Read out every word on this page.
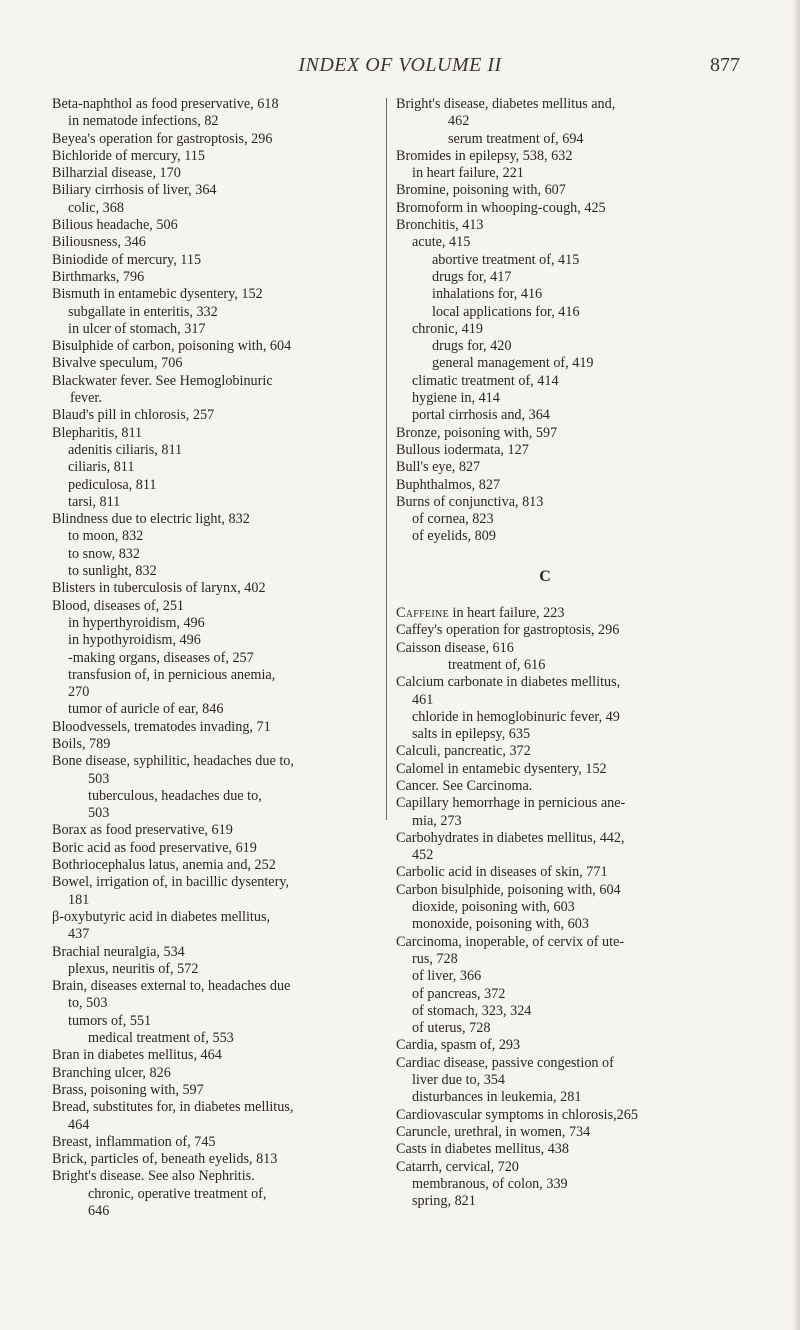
INDEX OF VOLUME II	877
Beta-naphthol as food preservative, 618
in nematode infections, 82
Beyea's operation for gastroptosis, 296
Bichloride of mercury, 115
Bilharzial disease, 170
Biliary cirrhosis of liver, 364
colic, 368
Bilious headache, 506
Biliousness, 346
Biniodide of mercury, 115
Birthmarks, 796
Bismuth in entamebic dysentery, 152
subgallate in enteritis, 332
in ulcer of stomach, 317
Bisulphide of carbon, poisoning with, 604
Bivalve speculum, 706
Blackwater fever. See Hemoglobinuric
fever.
Blaud's pill in chlorosis, 257
Blepharitis, 811
adenitis ciliaris, 811
ciliaris, 811
pediculosa, 811
tarsi, 811
Blindness due to electric light, 832
to moon, 832
to snow, 832
to sunlight, 832
Blisters in tuberculosis of larynx, 402
Blood, diseases of, 251
in hyperthyroidism, 496
in hypothyroidism, 496
-making organs, diseases of, 257
transfusion of, in pernicious anemia,
270
tumor of auricle of ear, 846
Bloodvessels, trematodes invading, 71
Boils, 789
Bone disease, syphilitic, headaches due to,
503
tuberculous, headaches due to,
503
Borax as food preservative, 619
Boric acid as food preservative, 619
Bothriocephalus latus, anemia and, 252
Bowel, irrigation of, in bacillic dysentery,
181
β-oxybutyric acid in diabetes mellitus,
437
Brachial neuralgia, 534
plexus, neuritis of, 572
Brain, diseases external to, headaches due
to, 503
tumors of, 551
medical treatment of, 553
Bran in diabetes mellitus, 464
Branching ulcer, 826
Brass, poisoning with, 597
Bread, substitutes for, in diabetes mellitus,
464
Breast, inflammation of, 745
Brick, particles of, beneath eyelids, 813
Bright's disease. See also Nephritis.
chronic, operative treatment of,
646
Bright's disease, diabetes mellitus and,
462
serum treatment of, 694
Bromides in epilepsy, 538, 632
in heart failure, 221
Bromine, poisoning with, 607
Bromoform in whooping-cough, 425
Bronchitis, 413
acute, 415
abortive treatment of, 415
drugs for, 417
inhalations for, 416
local applications for, 416
chronic, 419
drugs for, 420
general management of, 419
climatic treatment of, 414
hygiene in, 414
portal cirrhosis and, 364
Bronze, poisoning with, 597
Bullous iodermata, 127
Bull's eye, 827
Buphthalmos, 827
Burns of conjunctiva, 813
of cornea, 823
of eyelids, 809
C
Caffeine in heart failure, 223
Caffey's operation for gastroptosis, 296
Caisson disease, 616
treatment of, 616
Calcium carbonate in diabetes mellitus,
461
chloride in hemoglobinuric fever, 49
salts in epilepsy, 635
Calculi, pancreatic, 372
Calomel in entamebic dysentery, 152
Cancer. See Carcinoma.
Capillary hemorrhage in pernicious ane-
mia, 273
Carbohydrates in diabetes mellitus, 442,
452
Carbolic acid in diseases of skin, 771
Carbon bisulphide, poisoning with, 604
dioxide, poisoning with, 603
monoxide, poisoning with, 603
Carcinoma, inoperable, of cervix of ute-
rus, 728
of liver, 366
of pancreas, 372
of stomach, 323, 324
of uterus, 728
Cardia, spasm of, 293
Cardiac disease, passive congestion of
liver due to, 354
disturbances in leukemia, 281
Cardiovascular symptoms in chlorosis,265
Caruncle, urethral, in women, 734
Casts in diabetes mellitus, 438
Catarrh, cervical, 720
membranous, of colon, 339
spring, 821
